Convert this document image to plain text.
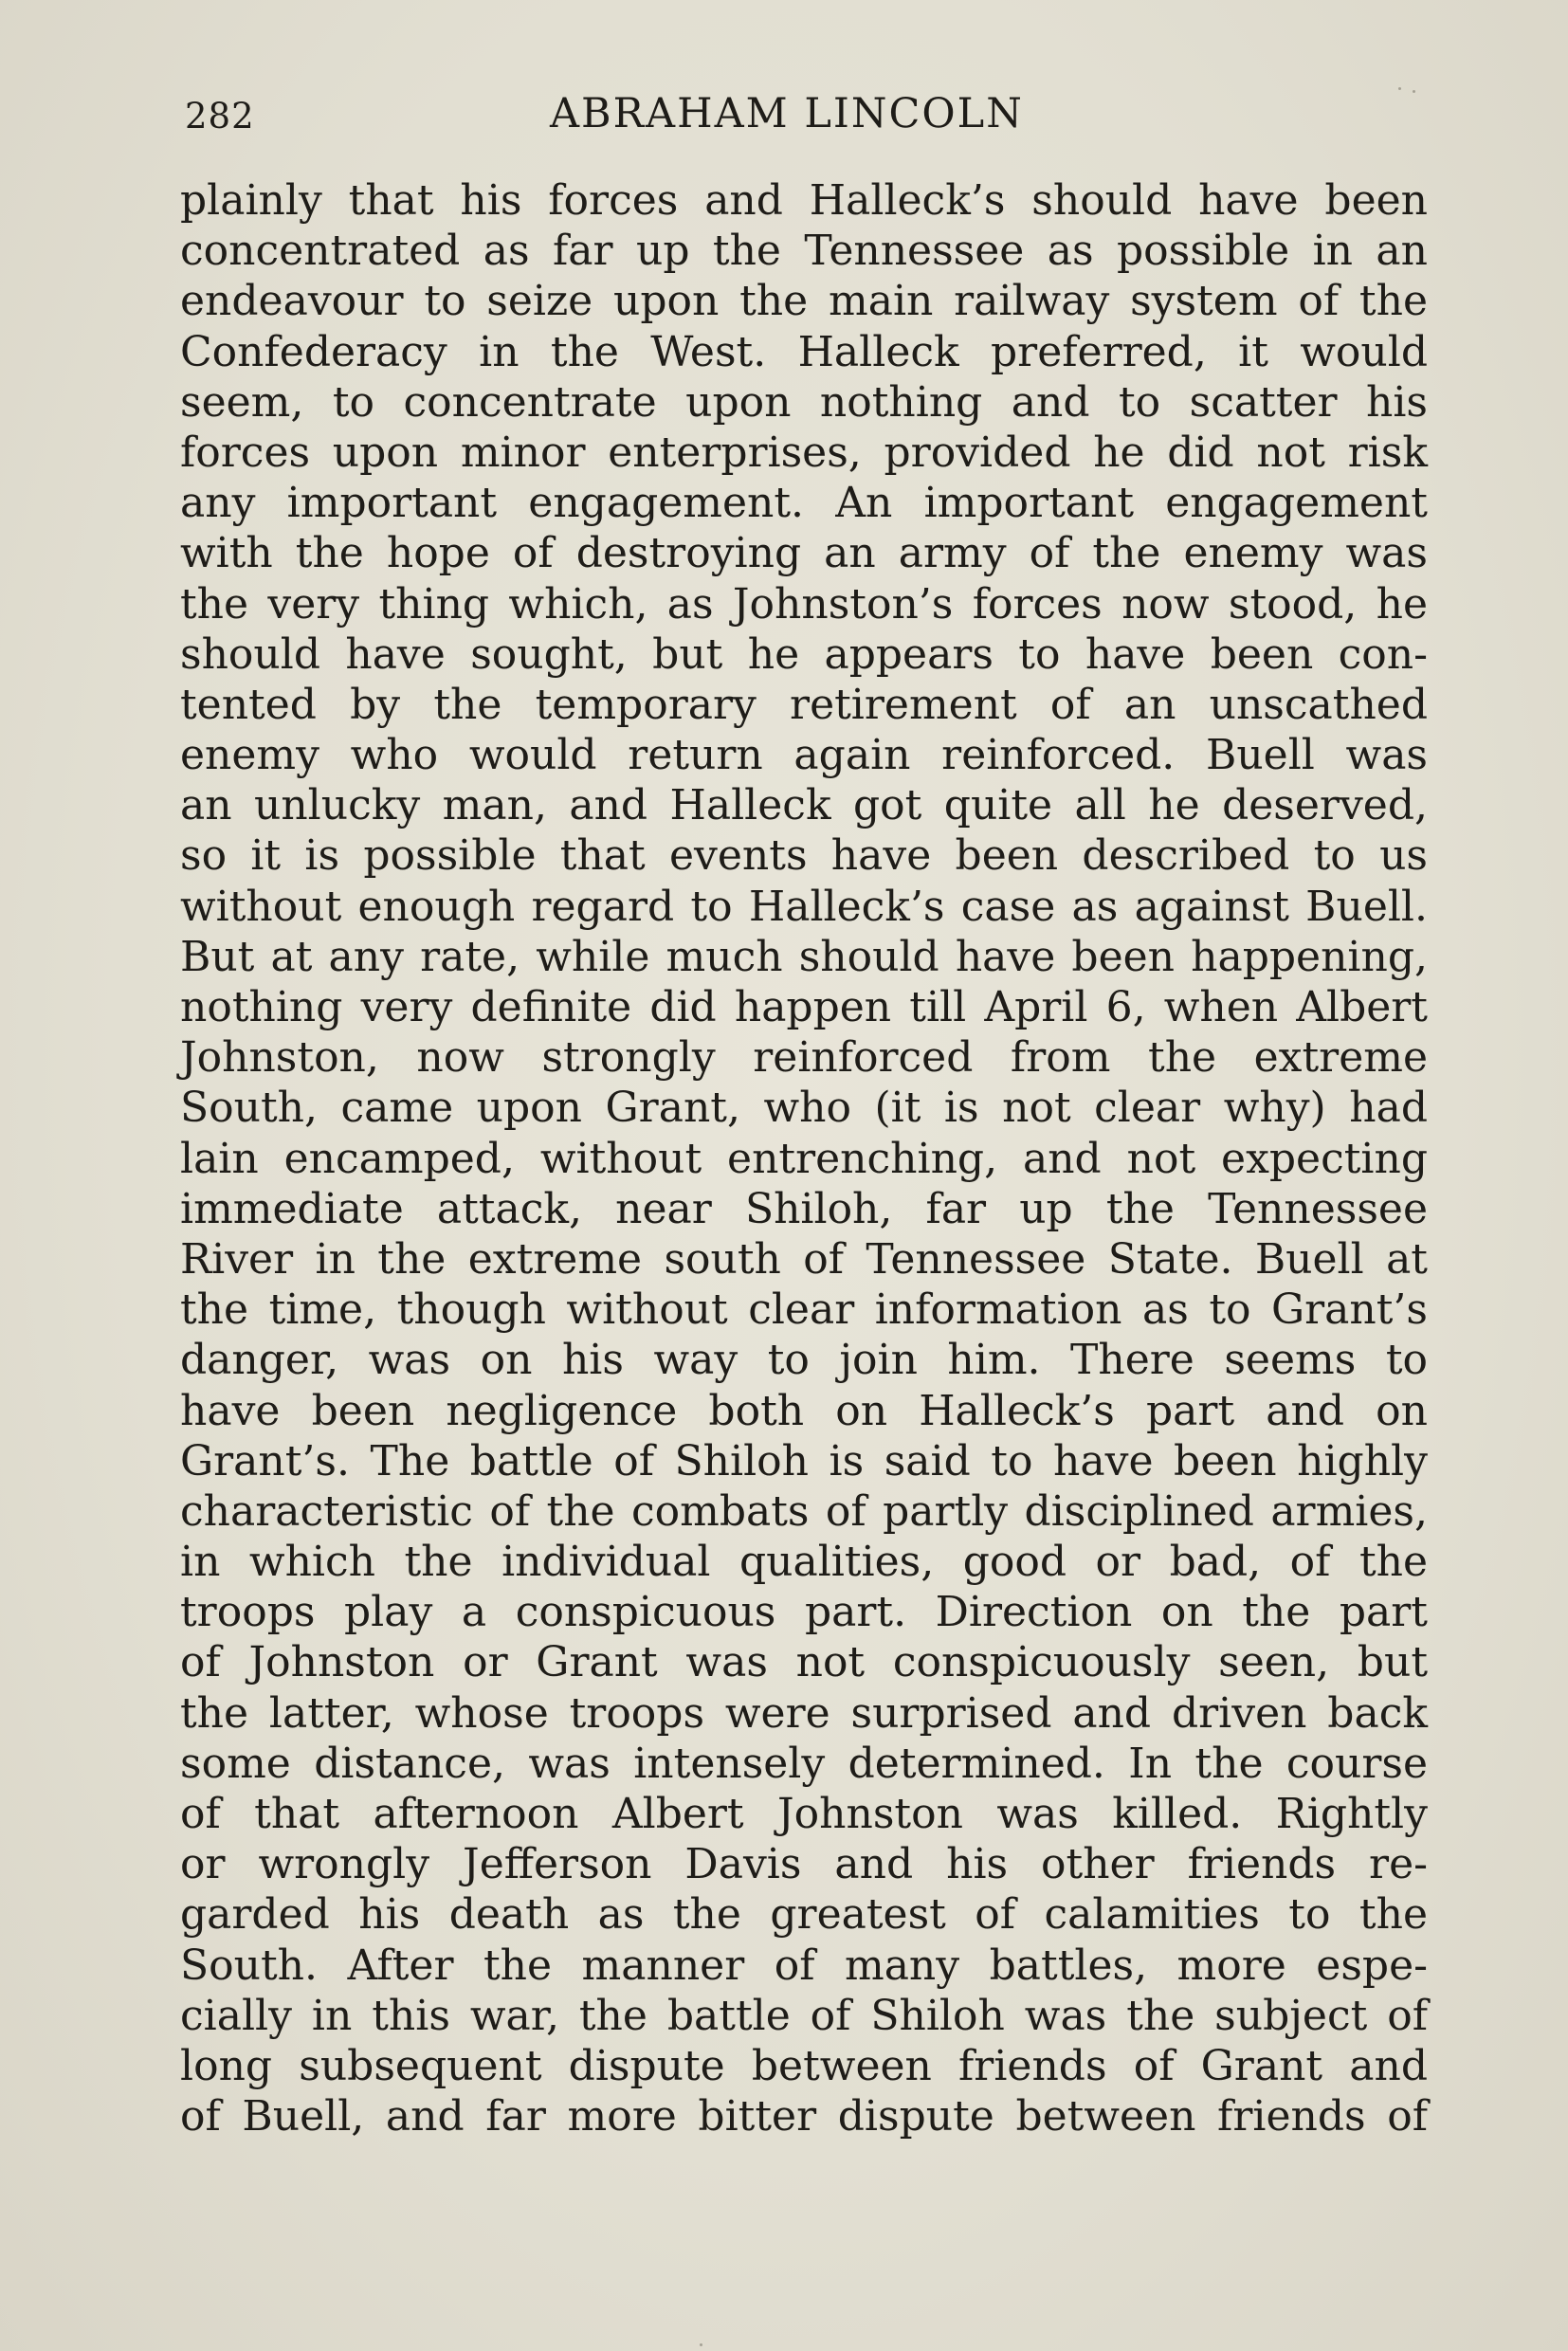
282	ABRAHAM LINCOLN
plainly that his forces and Halleck’s should have been
concentrated as far up the Tennessee as possible in an
endeavour to seize upon the main railway system of the
Confederacy in the West. Halleck preferred, it would
seem, to concentrate upon nothing and to scatter his
forces upon minor enterprises, provided he did not risk
any important engagement. An important engagement
with the hope of destroying an army of the enemy was
the very thing which, as Johnston’s forces now stood, he
should have sought, but he appears to have been con-
tented by the temporary retirement of an unscathed
enemy who would return again reinforced. Buell was
an unlucky man, and Halleck got quite all he deserved,
so it is possible that events have been described to us
without enough regard to Halleck’s case as against Buell.
But at any rate, while much should have been happening,
nothing very definite did happen till April 6, when Albert
Johnston, now strongly reinforced from the extreme
South, came upon Grant, who (it is not clear why) had
lain encamped, without entrenching, and not expecting
immediate attack, near Shiloh, far up the Tennessee
River in the extreme south of Tennessee State. Buell at
the time, though without clear information as to Grant’s
danger, was on his way to join him. There seems to
have been negligence both on Halleck’s part and on
Grant’s. The battle of Shiloh is said to have been highly
characteristic of the combats of partly disciplined armies,
in which the individual qualities, good or bad, of the
troops play a conspicuous part. Direction on the part
of Johnston or Grant was not conspicuously seen, but
the latter, whose troops were surprised and driven back
some distance, was intensely determined. In the course
of that afternoon Albert Johnston was killed. Rightly
or wrongly Jefferson Davis and his other friends re-
garded his death as the greatest of calamities to the
South. After the manner of many battles, more espe-
cially in this war, the battle of Shiloh was the subject of
long subsequent dispute between friends of Grant and
of Buell, and far more bitter dispute between friends of
